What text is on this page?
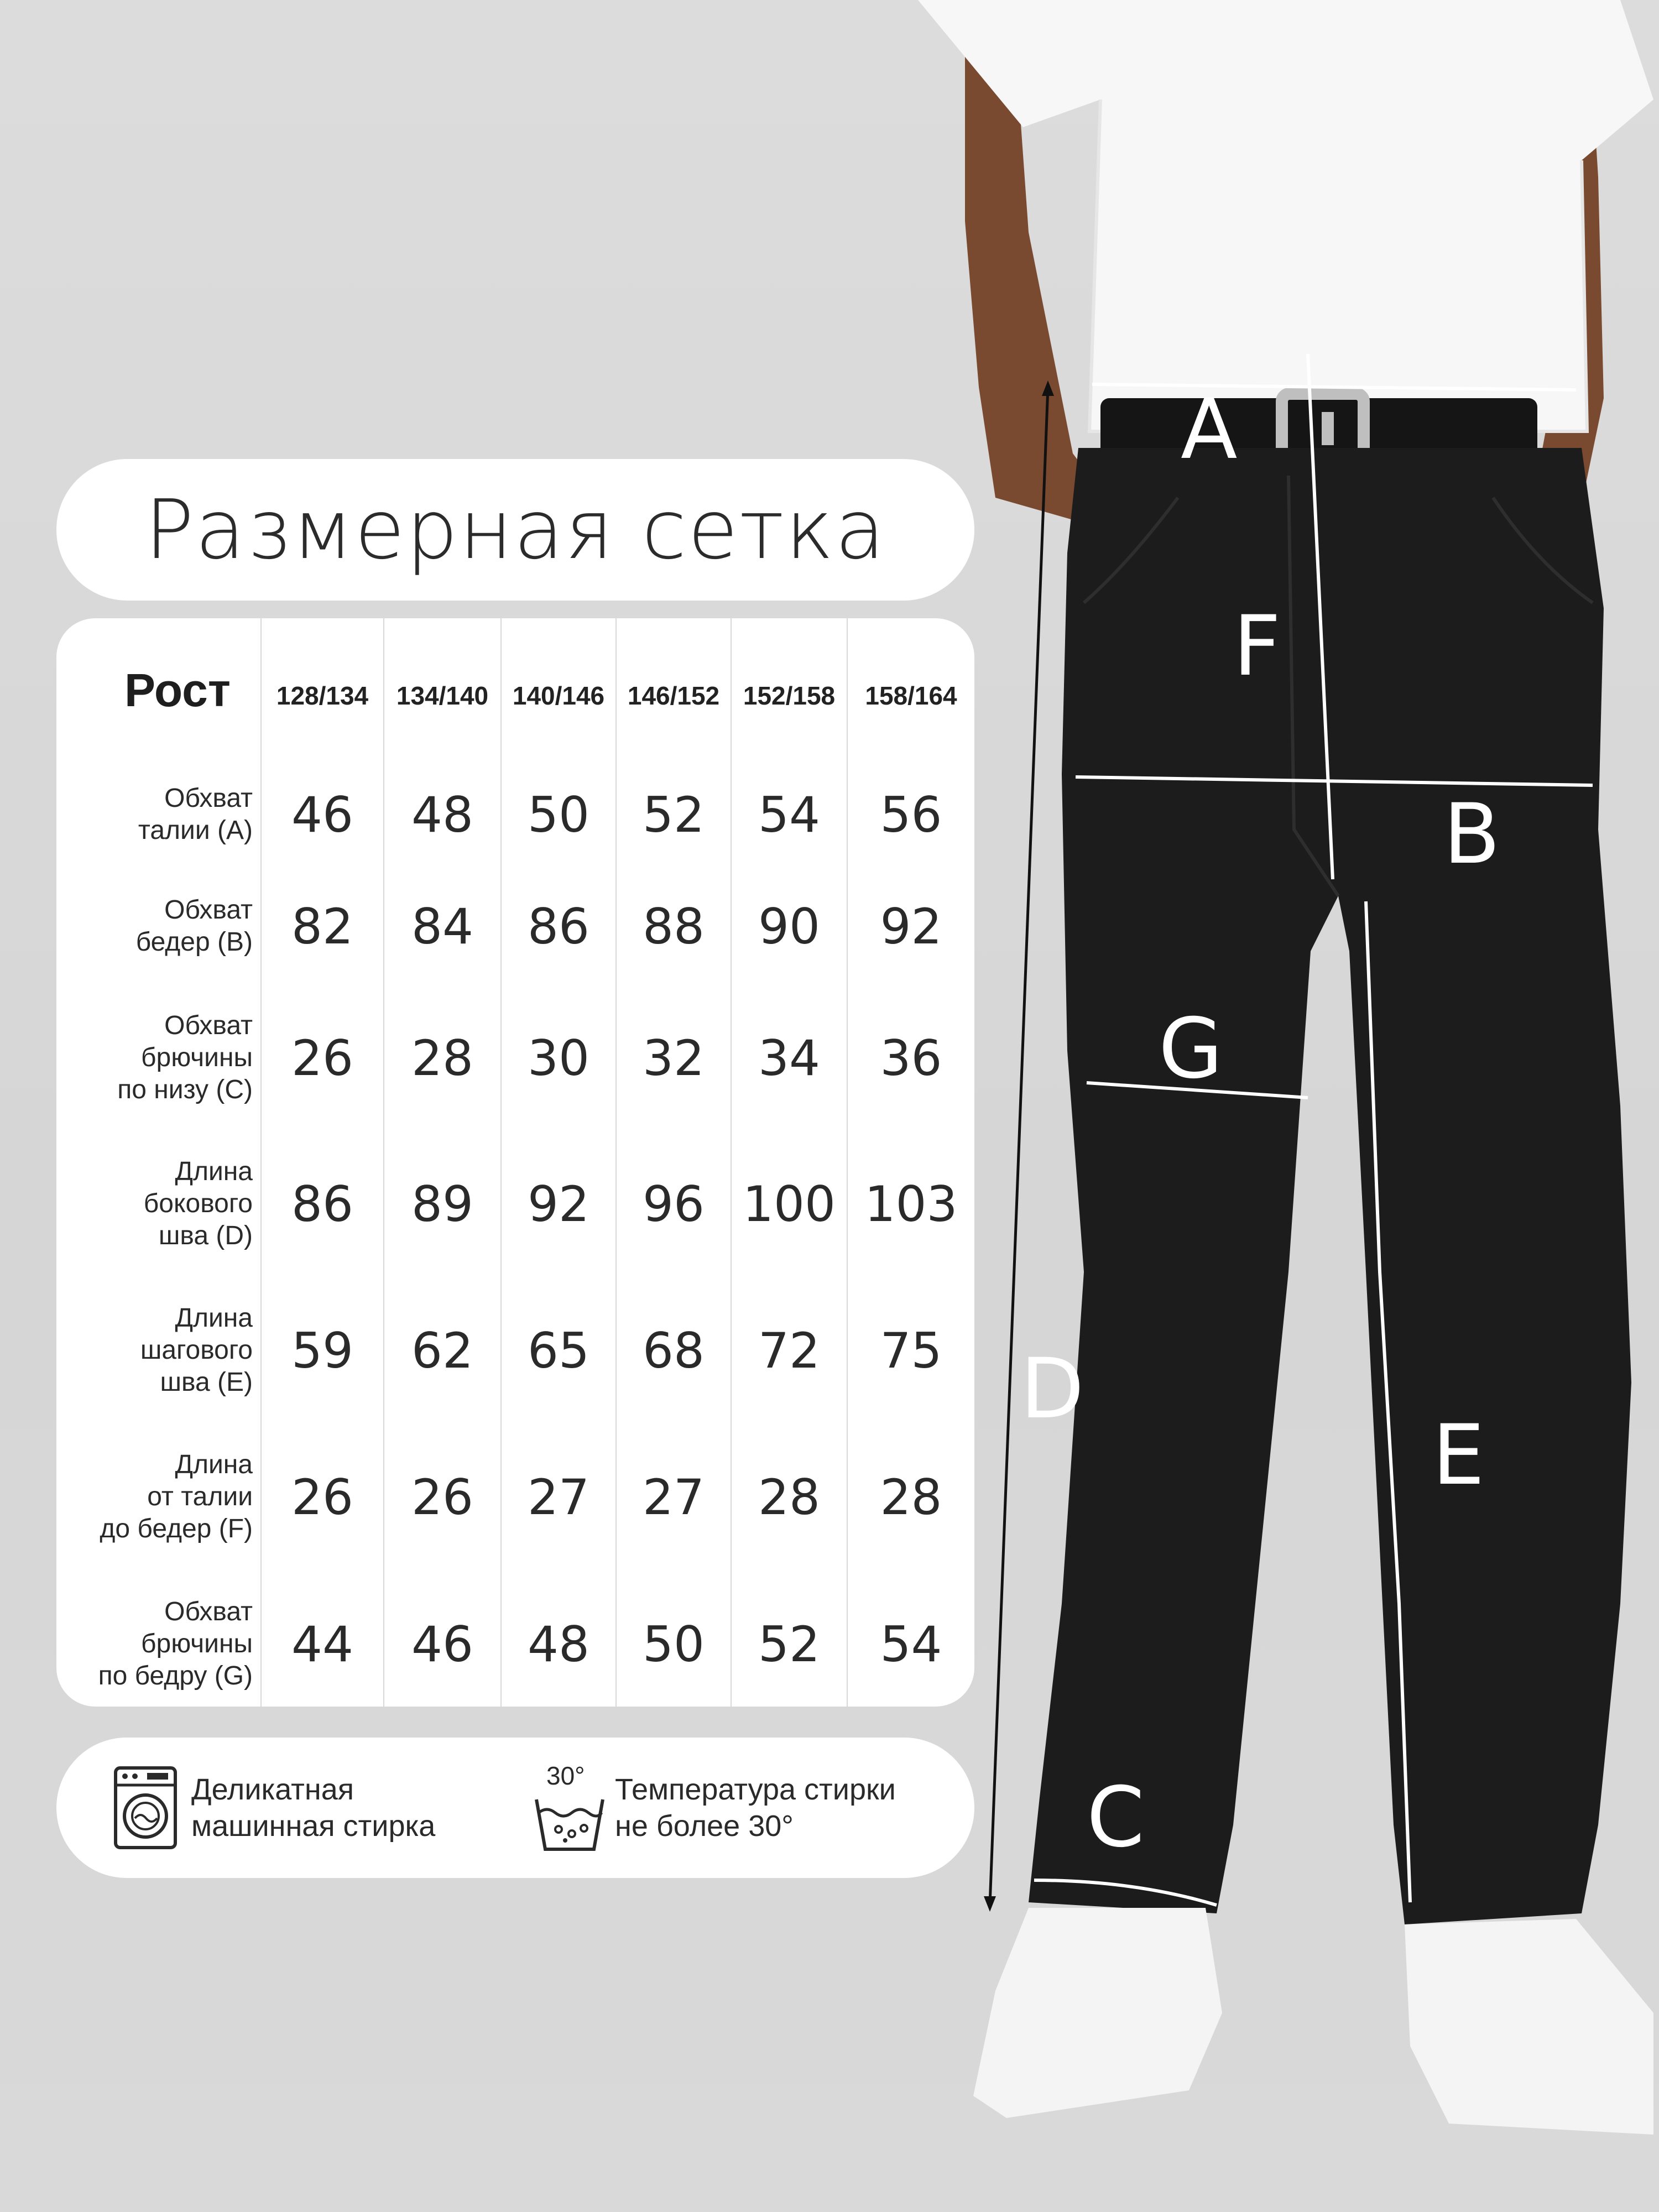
A
F
B
G
D
E
C
Размерная сетка
Рост	128/134	134/140	140/146	146/152	152/158	158/164

Обхват
талии (A)	46	48	50	52	54	56

Обхват
бедер (B)	82	84	86	88	90	92

Обхват
брючины
по низу (C)	26	28	30	32	34	36

Длина
бокового
шва (D)	86	89	92	96	100	103

Длина
шагового
шва (E)	59	62	65	68	72	75

Длина
от талии
до бедер (F)	26	26	27	27	28	28

Обхват
брючины
по бедру (G)	44	46	48	50	52	54
Деликатная
машинная стирка
30° Температура стирки
не более 30°
